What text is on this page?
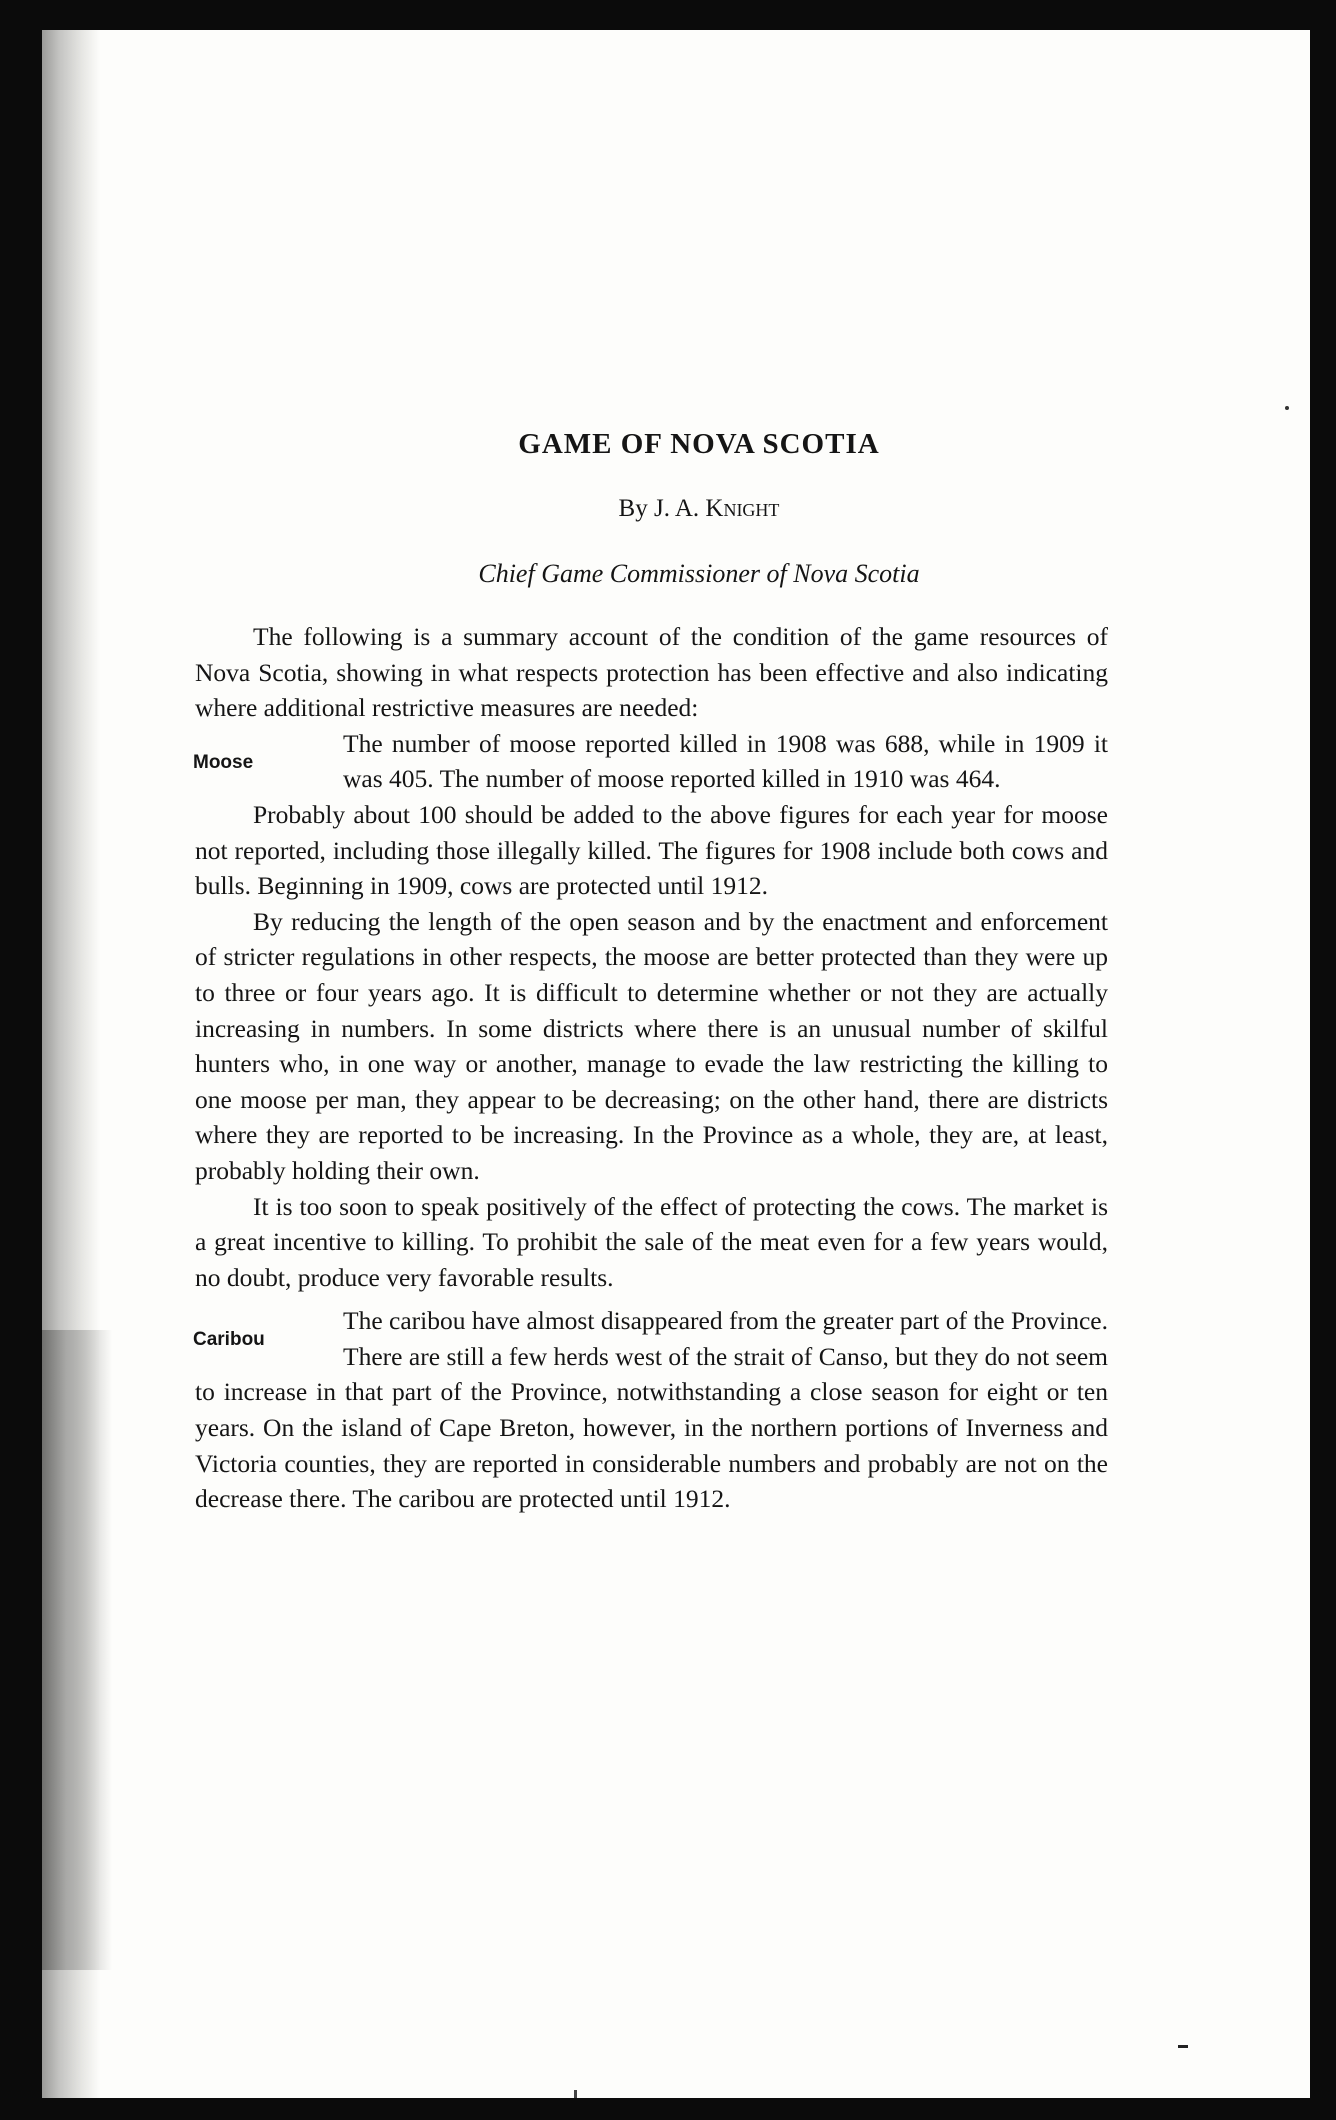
GAME OF NOVA SCOTIA
By J. A. Knight
Chief Game Commissioner of Nova Scotia

The following is a summary account of the condition of the game resources of Nova Scotia, showing in what respects protection has been effective and also indicating where additional restrictive measures are needed:

Moose

The number of moose reported killed in 1908 was 688, while in 1909 it was 405. The number of moose reported killed in 1910 was 464.

Probably about 100 should be added to the above figures for each year for moose not reported, including those illegally killed. The figures for 1908 include both cows and bulls. Beginning in 1909, cows are protected until 1912.

By reducing the length of the open season and by the enactment and enforcement of stricter regulations in other respects, the moose are better protected than they were up to three or four years ago. It is difficult to determine whether or not they are actually increasing in numbers. In some districts where there is an unusual number of skilful hunters who, in one way or another, manage to evade the law restricting the killing to one moose per man, they appear to be decreasing; on the other hand, there are districts where they are reported to be increasing. In the Province as a whole, they are, at least, probably holding their own.

It is too soon to speak positively of the effect of protecting the cows. The market is a great incentive to killing. To prohibit the sale of the meat even for a few years would, no doubt, produce very favorable results.

Caribou

The caribou have almost disappeared from the greater part of the Province. There are still a few herds west of the strait of Canso, but they do not seem to increase in that part of the Province, notwithstanding a close season for eight or ten years. On the island of Cape Breton, however, in the northern portions of Inverness and Victoria counties, they are reported in considerable numbers and probably are not on the decrease there. The caribou are protected until 1912.
